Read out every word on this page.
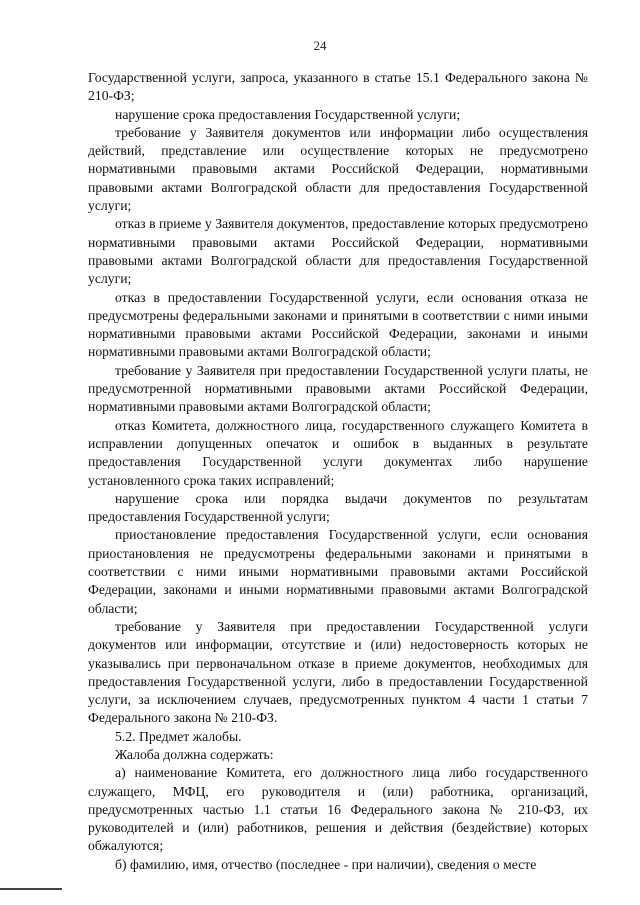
24

Государственной услуги, запроса, указанного в статье 15.1 Федерального закона № 210-ФЗ;

нарушение срока предоставления Государственной услуги;

требование у Заявителя документов или информации либо осуществления действий, представление или осуществление которых не предусмотрено нормативными правовыми актами Российской Федерации, нормативными правовыми актами Волгоградской области для предоставления Государственной услуги;

отказ в приеме у Заявителя документов, предоставление которых предусмотрено нормативными правовыми актами Российской Федерации, нормативными правовыми актами Волгоградской области для предоставления Государственной услуги;

отказ в предоставлении Государственной услуги, если основания отказа не предусмотрены федеральными законами и принятыми в соответствии с ними иными нормативными правовыми актами Российской Федерации, законами и иными нормативными правовыми актами Волгоградской области;

требование у Заявителя при предоставлении Государственной услуги платы, не предусмотренной нормативными правовыми актами Российской Федерации, нормативными правовыми актами Волгоградской области;

отказ Комитета, должностного лица, государственного служащего Комитета в исправлении допущенных опечаток и ошибок в выданных в результате предоставления Государственной услуги документах либо нарушение установленного срока таких исправлений;

нарушение срока или порядка выдачи документов по результатам предоставления Государственной услуги;

приостановление предоставления Государственной услуги, если основания приостановления не предусмотрены федеральными законами и принятыми в соответствии с ними иными нормативными правовыми актами Российской Федерации, законами и иными нормативными правовыми актами Волгоградской области;

требование у Заявителя при предоставлении Государственной услуги документов или информации, отсутствие и (или) недостоверность которых не указывались при первоначальном отказе в приеме документов, необходимых для предоставления Государственной услуги, либо в предоставлении Государственной услуги, за исключением случаев, предусмотренных пунктом 4 части 1 статьи 7 Федерального закона № 210-ФЗ.

5.2. Предмет жалобы.

Жалоба должна содержать:

а) наименование Комитета, его должностного лица либо государственного служащего, МФЦ, его руководителя и (или) работника, организаций, предусмотренных частью 1.1 статьи 16 Федерального закона № 210-ФЗ, их руководителей и (или) работников, решения и действия (бездействие) которых обжалуются;

б) фамилию, имя, отчество (последнее - при наличии), сведения о месте
